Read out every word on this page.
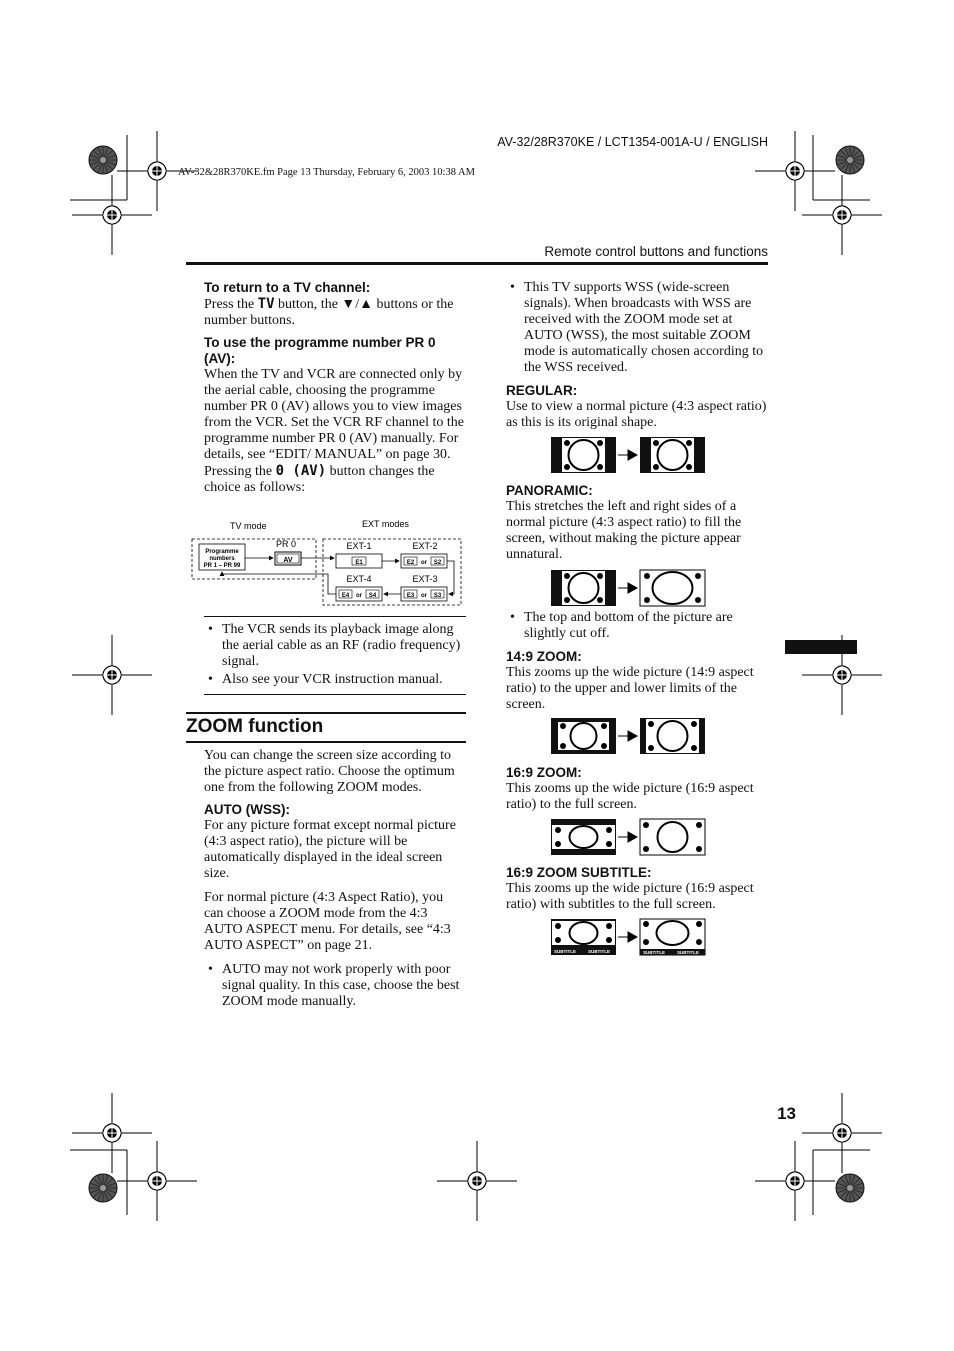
AV-32/28R370KE / LCT1354-001A-U / ENGLISH
AV-32&28R370KE.fm Page 13 Thursday, February 6, 2003 10:38 AM
Remote control buttons and functions

To return to a TV channel:

Press the TV button, the ▼/▲ buttons or the number buttons.

To use the programme number PR 0 (AV):

When the TV and VCR are connected only by the aerial cable, choosing the programme number PR 0 (AV) allows you to view images from the VCR. Set the VCR RF channel to the programme number PR 0 (AV) manually. For details, see “EDIT/ MANUAL” on page 30.

Pressing the 0 (AV) button changes the choice as follows:

TV mode	EXT modes
Programme
numbers
PR 1 – PR 99
PR 0
AV
EXT-1
E1
EXT-2
E2 or S2
EXT-4
E4 or S4
EXT-3
E3 or S3
• The VCR sends its playback image along the aerial cable as an RF (radio frequency) signal.
• Also see your VCR instruction manual.
ZOOM function

You can change the screen size according to the picture aspect ratio. Choose the optimum one from the following ZOOM modes.

AUTO (WSS):

For any picture format except normal picture (4:3 aspect ratio), the picture will be automatically displayed in the ideal screen size.

For normal picture (4:3 Aspect Ratio), you can choose a ZOOM mode from the 4:3 AUTO ASPECT menu. For details, see “4:3 AUTO ASPECT” on page 21.

• AUTO may not work properly with poor signal quality. In this case, choose the best ZOOM mode manually.
• This TV supports WSS (wide-screen signals). When broadcasts with WSS are received with the ZOOM mode set at AUTO (WSS), the most suitable ZOOM mode is automatically chosen according to the WSS received.

REGULAR:

Use to view a normal picture (4:3 aspect ratio) as this is its original shape.

PANORAMIC:

This stretches the left and right sides of a normal picture (4:3 aspect ratio) to fill the screen, without making the picture appear unnatural.

• The top and bottom of the picture are slightly cut off.

14:9 ZOOM:

This zooms up the wide picture (14:9 aspect ratio) to the upper and lower limits of the screen.

16:9 ZOOM:

This zooms up the wide picture (16:9 aspect ratio) to the full screen.

16:9 ZOOM SUBTITLE:

This zooms up the wide picture (16:9 aspect ratio) with subtitles to the full screen.

SUBTITLE	SUBTITLE	SUBTITLE	SUBTITLE
13
